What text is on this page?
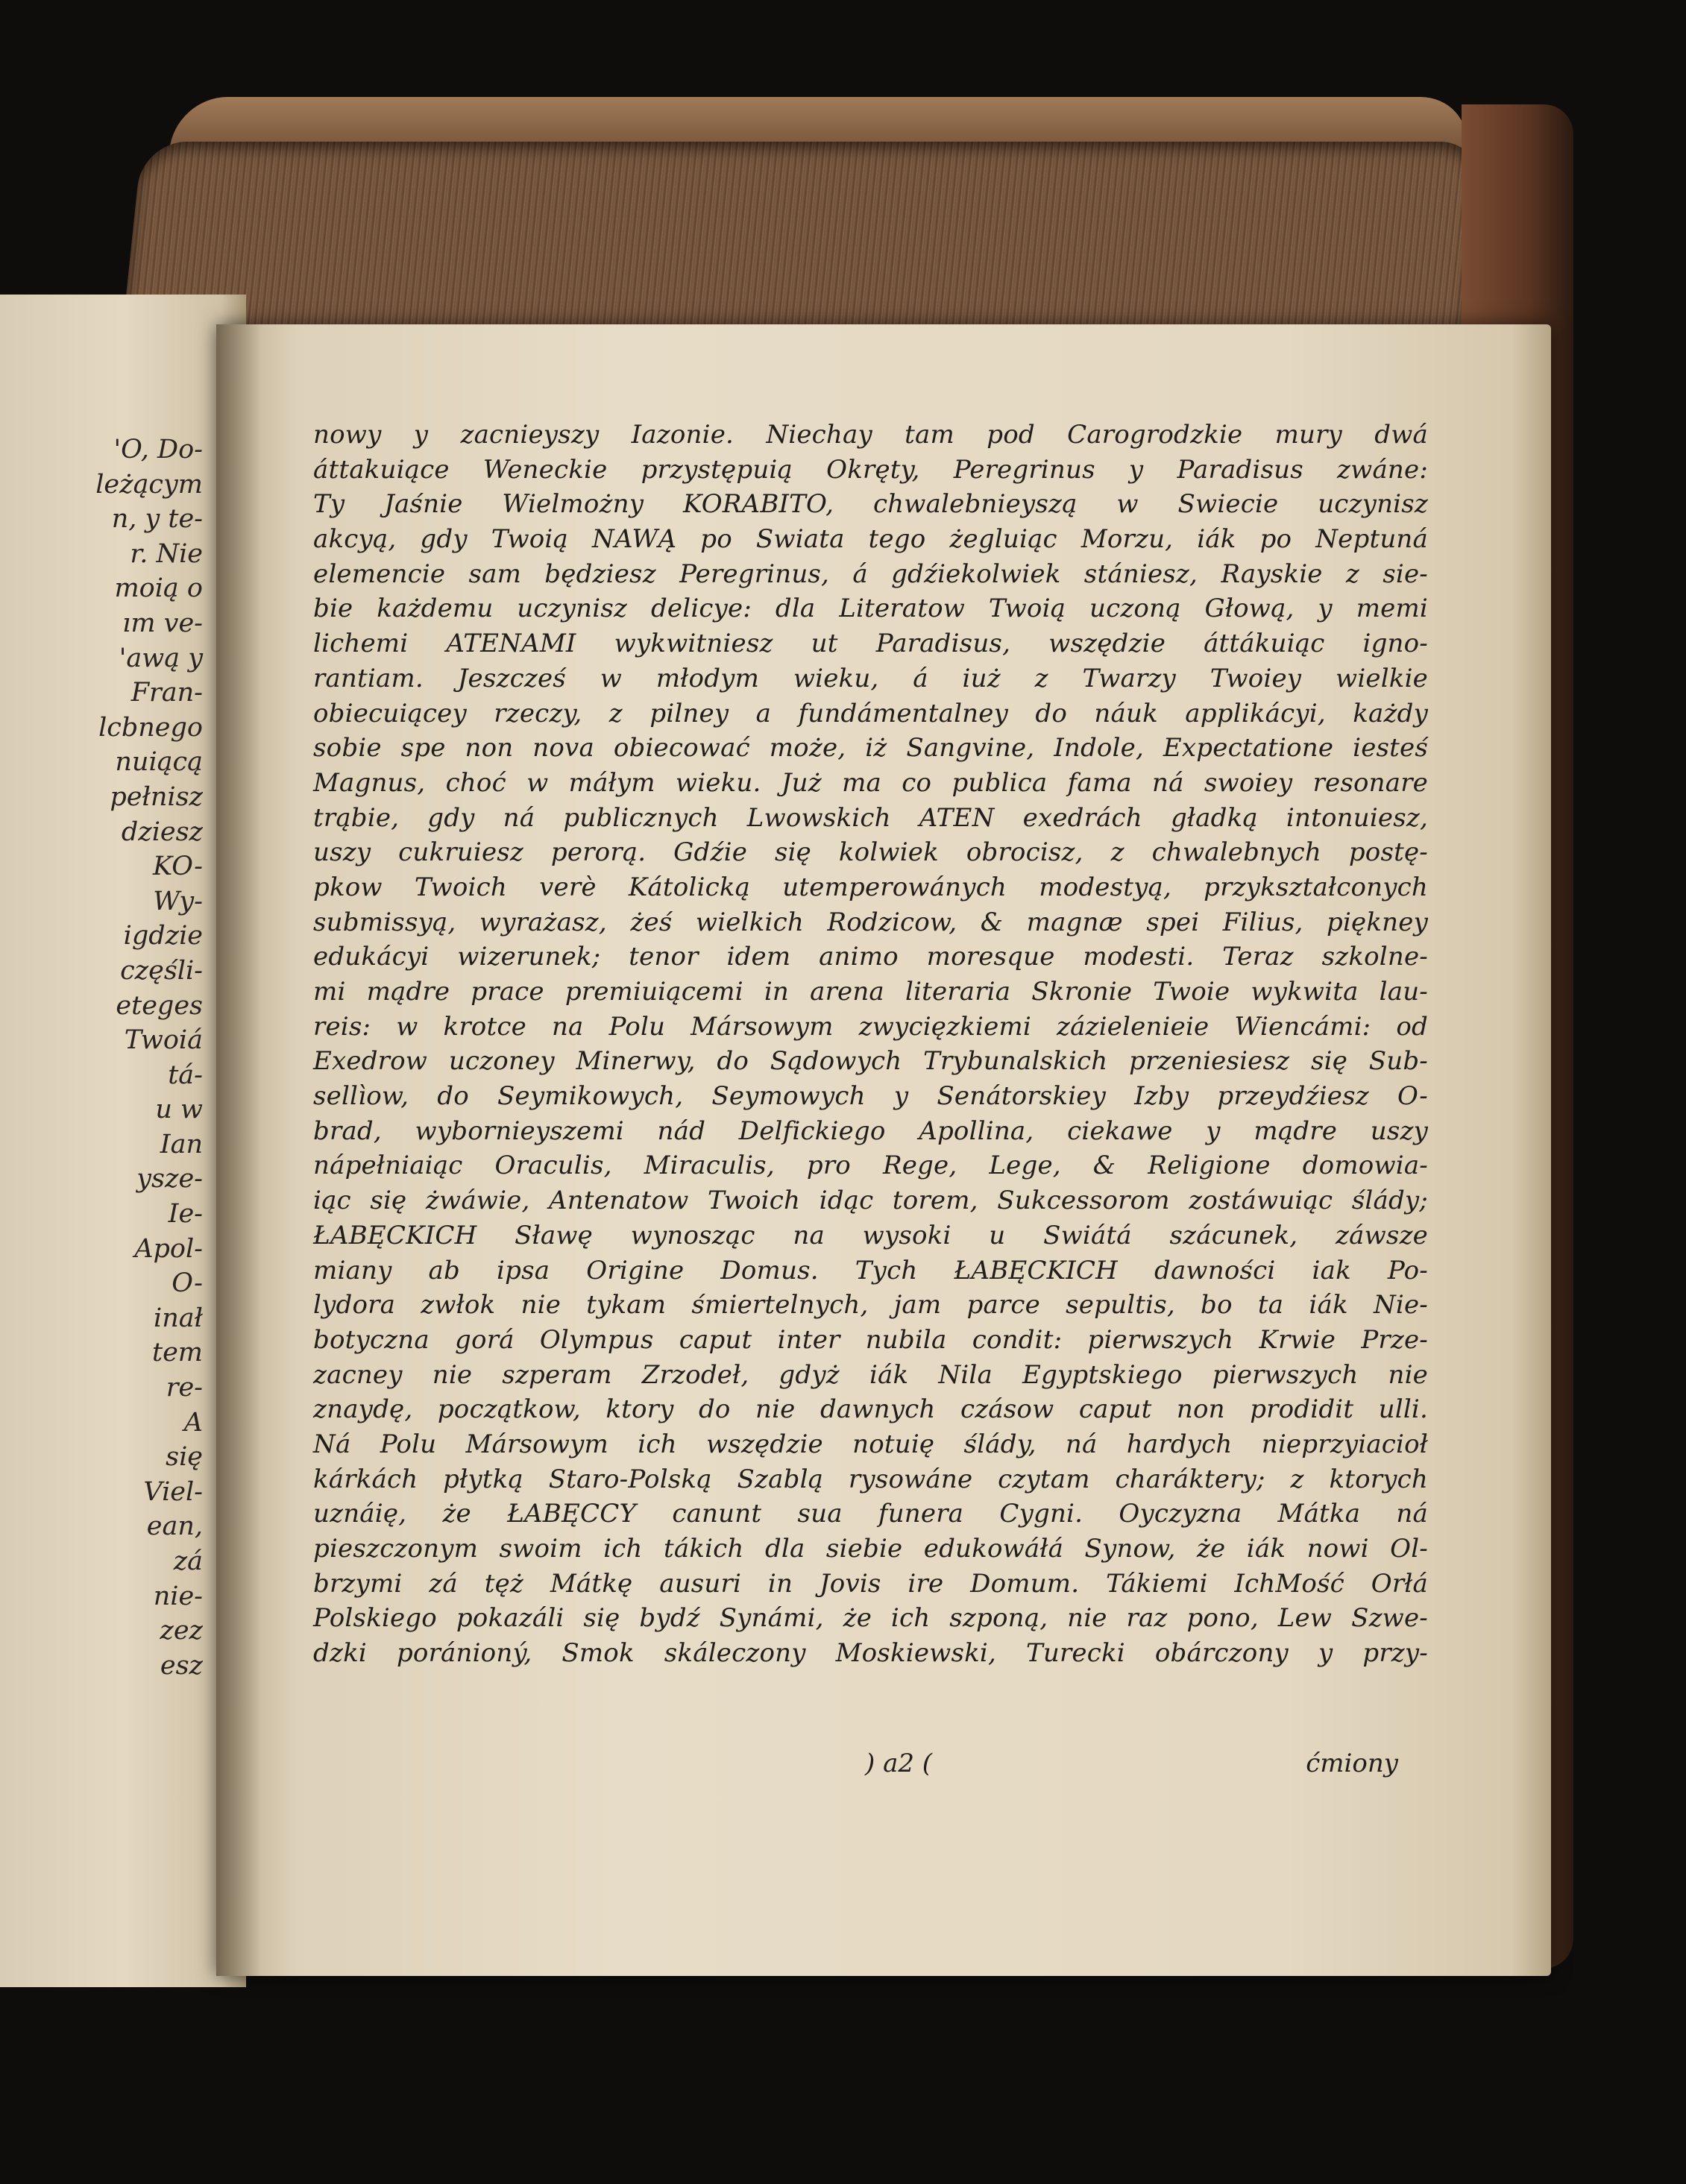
'O, Do-
leżącym
n, y te-
r. Nie
moią o
ım ve-
'awą y
Fran-
lcbnego
nuiącą
pełnisz
dziesz
KO-
Wy-
igdzie
częśli-
eteges
Twoiá
tá-
u w
Ian
ysze-
Ie-
Apol-
O-
inał
tem
re-
A
się
Viel-
ean,
zá
nie-
zez
esz
nowy y zacnieyszy Iazonie. Niechay tam pod Carogrodzkie mury dwá
áttakuiące Weneckie przystępuią Okręty, Peregrinus y Paradisus zwáne:
Ty Jaśnie Wielmożny KORABITO, chwalebnieyszą w Swiecie uczynisz
akcyą, gdy Twoią NAWĄ po Swiata tego żegluiąc Morzu, iák po Neptuná
elemencie sam będziesz Peregrinus, á gdźiekolwiek stániesz, Rayskie z sie-
bie każdemu uczynisz delicye: dla Literatow Twoią uczoną Głową, y memi
lichemi ATENAMI wykwitniesz ut Paradisus, wszędzie áttákuiąc igno-
rantiam. Jeszcześ w młodym wieku, á iuż z Twarzy Twoiey wielkie
obiecuiącey rzeczy, z pilney a fundámentalney do náuk applikácyi, każdy
sobie spe non nova obiecować może, iż Sangvine, Indole, Expectatione iesteś
Magnus, choć w máłym wieku. Już ma co publica fama ná swoiey resonare
trąbie, gdy ná publicznych Lwowskich ATEN exedrách gładką intonuiesz,
uszy cukruiesz perorą. Gdźie się kolwiek obrocisz, z chwalebnych postę-
pkow Twoich verè Kátolicką utemperowánych modestyą, przykształconych
submissyą, wyrażasz, żeś wielkich Rodzicow, & magnæ spei Filius, piękney
edukácyi wizerunek; tenor idem animo moresque modesti. Teraz szkolne-
mi mądre prace premiuiącemi in arena literaria Skronie Twoie wykwita lau-
reis: w krotce na Polu Mársowym zwycięzkiemi zázielenieie Wiencámi: od
Exedrow uczoney Minerwy, do Sądowych Trybunalskich przeniesiesz się Sub-
sellìow, do Seymikowych, Seymowych y Senátorskiey Izby przeydźiesz O-
brad, wybornieyszemi nád Delfickiego Apollina, ciekawe y mądre uszy
nápełniaiąc Oraculis, Miraculis, pro Rege, Lege, & Religione domowia-
iąc się żwáwie, Antenatow Twoich idąc torem, Sukcessorom zostáwuiąc ślády;
ŁABĘCKICH Sławę wynosząc na wysoki u Swiátá szácunek, záwsze
miany ab ipsa Origine Domus. Tych ŁABĘCKICH dawności iak Po-
lydora zwłok nie tykam śmiertelnych, jam parce sepultis, bo ta iák Nie-
botyczna gorá Olympus caput inter nubila condit: pierwszych Krwie Prze-
zacney nie szperam Zrzodeł, gdyż iák Nila Egyptskiego pierwszych nie
znaydę, początkow, ktory do nie dawnych czásow caput non prodidit ulli.
Ná Polu Mársowym ich wszędzie notuię ślády, ná hardych nieprzyiacioł
kárkách płytką Staro-Polską Szablą rysowáne czytam charáktery; z ktorych
uznáię, że ŁABĘCCY canunt sua funera Cygni. Oyczyzna Mátka ná
pieszczonym swoim ich tákich dla siebie edukowáłá Synow, że iák nowi Ol-
brzymi zá tęż Mátkę ausuri in Jovis ire Domum. Tákiemi IchMość Orłá
Polskiego pokazáli się bydź Synámi, że ich szponą, nie raz pono, Lew Szwe-
dzki poránioný, Smok skáleczony Moskiewski, Turecki obárczony y przy-
) a2 (	ćmiony
